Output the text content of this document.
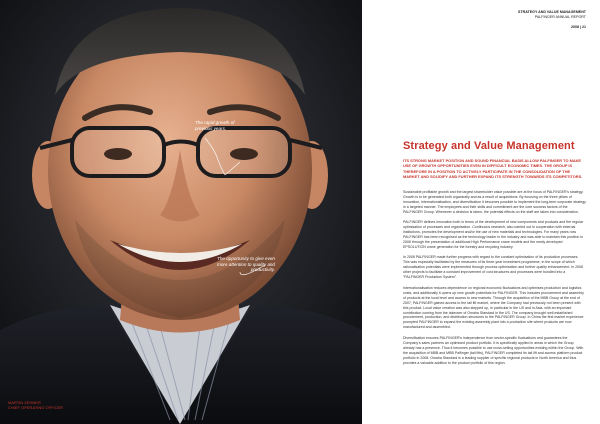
The rapid growth of previous years.
The opportunity to give even more attention to quality and productivity.
MARTIN ZEHNER
CHIEF OPERATING OFFICER
STRATEGY AND VALUE MANAGEMENT
PALFINGER ANNUAL REPORT
2008 | 21
Strategy and Value Management
ITS STRONG MARKET POSITION AND SOUND FINANCIAL BASIS ALLOW PALFINGER TO MAKE USE OF GROWTH OPPORTUNITIES EVEN IN DIFFICULT ECONOMIC TIMES. THE GROUP IS THEREFORE IN A POSITION TO ACTIVELY PARTICIPATE IN THE CONSOLIDATION OF THE MARKET AND SOLIDIFY AND FURTHER EXPAND ITS STRENGTH TOWARDS ITS COMPETITORS.

Sustainable profitable growth and the largest shareholder value possible are at the focus of PALFINGER's strategy. Growth is to be generated both organically and as a result of acquisitions. By focusing on the three pillars of innovation, internationalisation, and diversification it becomes possible to implement the long-term corporate strategy in a targeted manner. The employees and their skills and commitment are the core success factors of the PALFINGER Group. Whenever a decision is taken, the potential effects on the staff are taken into consideration.

PALFINGER defines innovation both in terms of the development of new components and products and the regular optimisation of processes and organisation. Continuous research, also carried out in cooperation with external institutions, promotes the development and/or the use of new materials and technologies. For many years now PALFINGER has been recognised as the technology leader in the industry and was able to maintain this position in 2008 through the presentation of additional High Performance crane models and the newly developed EPSOLUTION crane generation for the forestry and recycling industry.

In 2008 PALFINGER made further progress with regard to the constant optimisation of its production processes. This was especially facilitated by the measures of its three-year investment programme, in the scope of which rationalisation potentials were implemented through process optimisation and further quality enhancement. In 2008 other projects to facilitate a constant improvement of cost structures and processes were bundled into a "PALFINGER Production System".

Internationalisation reduces dependence on regional economic fluctuations and optimises production and logistics costs, and additionally it opens up new growth potentials for PALFINGER. This includes procurement and assembly of products at the local level and access to new markets. Through the acquisition of the MBB Group at the end of 2007, PALFINGER gained access to the tail lift market, where the Company had previously not been present with this product. Local value creation was also stepped up, in particular in the US and in Asia, with an important contribution coming from the takeover of Omaha Standard in the US. The company brought well-established procurement, production, and distribution structures to the PALFINGER Group. In China the first market experience prompted PALFINGER to expand the existing assembly plant into a production site where products are now manufactured and assembled.

Diversification ensures PALFINGER's independence from sector-specific fluctuations and guarantees the Company's sales partners an optimised product portfolio. It is specifically applied in areas in which the Group already has a presence. Thus it becomes possible to use cross-selling opportunities existing within the Group. With the acquisition of MBB and MBB Palfinger (tail lifts), PALFINGER completed its tail lift and access platform product portfolio in 2008. Omaha Standard is a leading supplier of specific regional products in North America and thus provides a valuable addition to the product portfolio of this region.
